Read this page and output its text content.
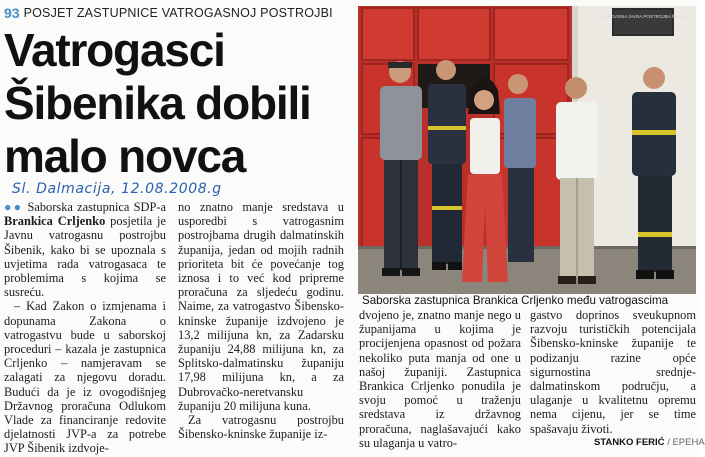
93 POSJET ZASTUPNICE VATROGASNOJ POSTROJBI
Vatrogasci
Šibenika dobili
malo novca
Sl. Dalmacija, 12.08.2008.g

●● Saborska zastupnica SDP-a Brankica Crljenko posjetila je Javnu vatrogasnu postrojbu Šibenik, kako bi se upoznala s uvjetima rada vatrogasaca te problemima s kojima se susreću.

– Kad Zakon o izmjenama i dopunama Zakona o vatrogastvu bude u saborskoj proceduri – kazala je zastupnica Crljenko – namjeravam se zalagati za njegovu doradu. Budući da je iz ovogodišnjeg Državnog proračuna Odlukom Vlade za financiranje redovite djelatnosti JVP-a za potrebe JVP Šibenik izdvoje-

no znatno manje sredstava u usporedbi s vatrogasnim postrojbama drugih dalmatinskih županija, jedan od mojih radnih prioriteta bit će povećanje tog iznosa i to već kod pripreme proračuna za sljedeću godinu. Naime, za vatrogastvo Šibensko-kninske županije izdvojeno je 13,2 milijuna kn, za Zadarsku županiju 24,88 milijuna kn, za Splitsko-dalmatinsku županiju 17,98 milijuna kn, a za Dubrovačko-neretvansku županiju 20 milijuna kuna.

Za vatrogasnu postrojbu Šibensko-kninske županije iz-

VATROGASNA JAVNA POSTROJBA ŠIBENIK
Saborska zastupnica Brankica Crljenko među vatrogascima

dvojeno je, znatno manje nego u županijama u kojima je procijenjena opasnost od požara nekoliko puta manja od one u našoj županiji. Zastupnica Brankica Crljenko ponudila je svoju pomoć u traženju sredstava iz državnog proračuna, naglašavajući kako su ulaganja u vatro-

gastvo doprinos sveukupnom razvoju turističkih potencijala Šibensko-kninske županije te podizanju razine opće sigurnostina srednje-dalmatinskom području, a ulaganje u kvalitetnu opremu nema cijenu, jer se time spašavaju životi.

STANKO FERIĆ / EPEHA
